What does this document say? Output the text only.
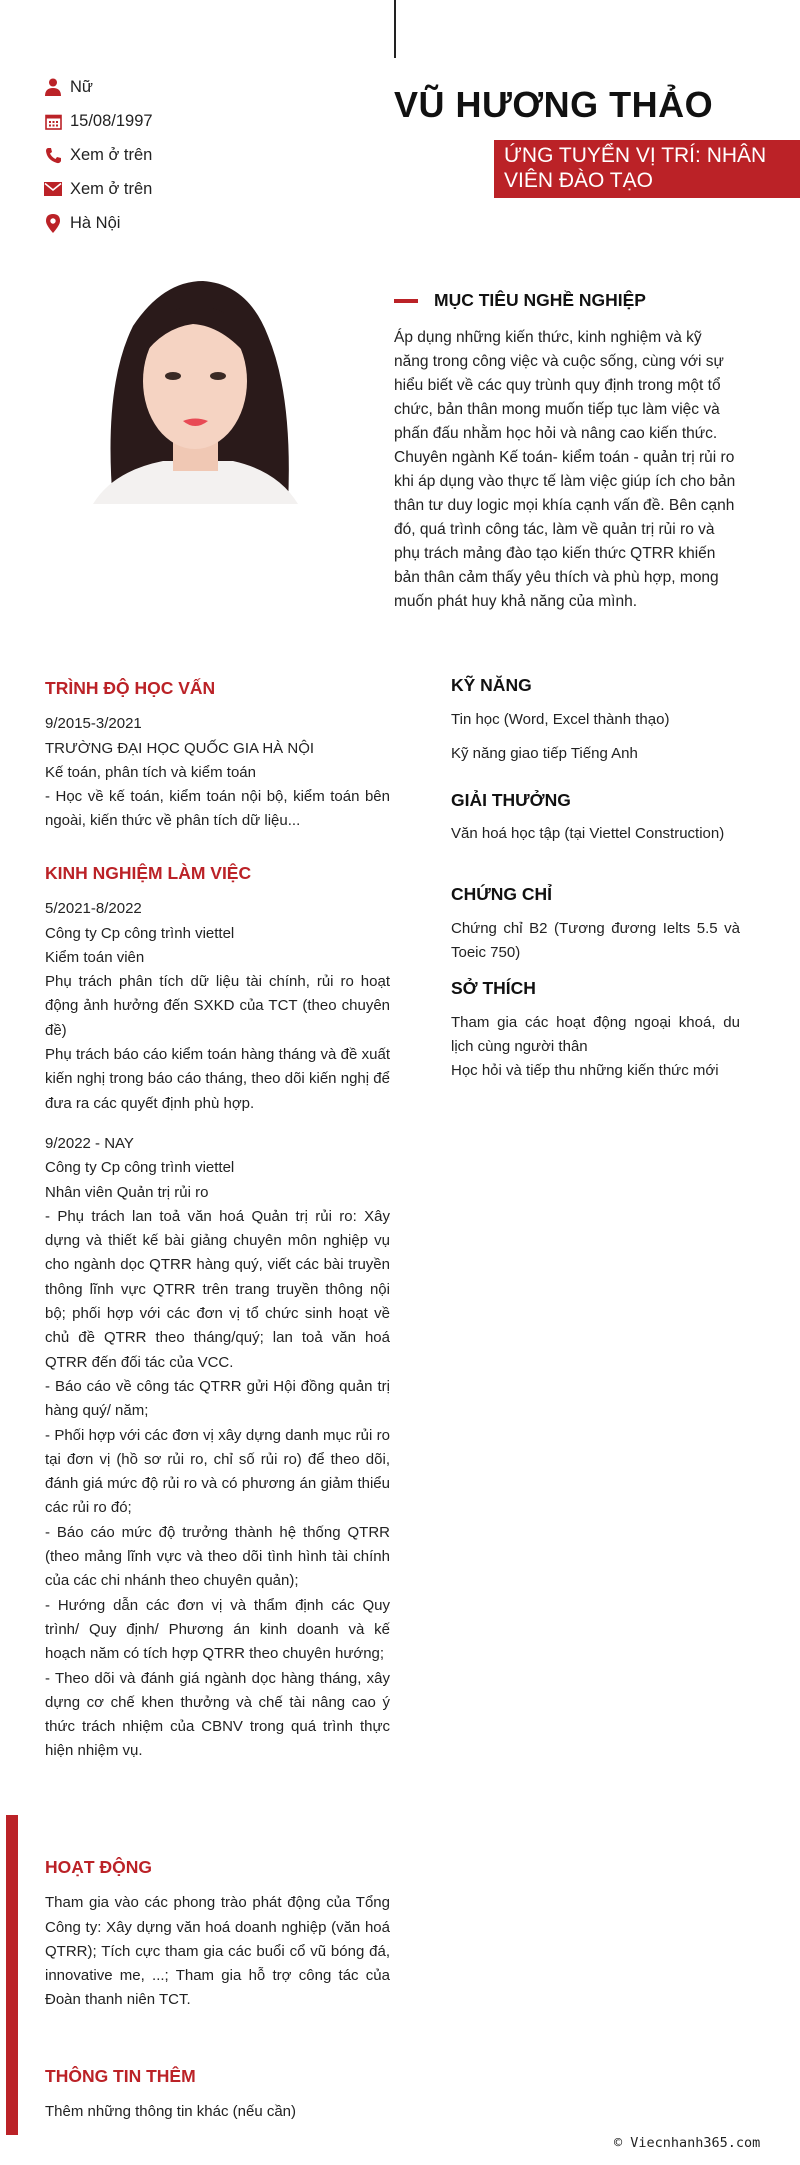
Nữ
15/08/1997
Xem ở trên
Xem ở trên
Hà Nội
VŨ HƯƠNG THẢO
ỨNG TUYỂN VỊ TRÍ: NHÂN VIÊN ĐÀO TẠO
MỤC TIÊU NGHỀ NGHIỆP

Áp dụng những kiến thức, kinh nghiệm và kỹ năng trong công việc và cuộc sống, cùng với sự hiểu biết về các quy trùnh quy định trong một tổ chức, bản thân mong muốn tiếp tục làm việc và phấn đấu nhằm học hỏi và nâng cao kiến thức.

Chuyên ngành Kế toán- kiểm toán - quản trị rủi ro khi áp dụng vào thực tế làm việc giúp ích cho bản thân tư duy logic mọi khía cạnh vấn đề. Bên cạnh đó, quá trình công tác, làm về quản trị rủi ro và phụ trách mảng đào tạo kiến thức QTRR khiến bản thân cảm thấy yêu thích và phù hợp, mong muốn phát huy khả năng của mình.

TRÌNH ĐỘ HỌC VẤN

9/2015-3/2021

TRƯỜNG ĐẠI HỌC QUỐC GIA HÀ NỘI

Kế toán, phân tích và kiểm toán

- Học về kế toán, kiểm toán nội bộ, kiểm toán bên ngoài, kiến thức về phân tích dữ liệu...

KINH NGHIỆM LÀM VIỆC

5/2021-8/2022

Công ty Cp công trình viettel

Kiểm toán viên

Phụ trách phân tích dữ liệu tài chính, rủi ro hoạt động ảnh hưởng đến SXKD của TCT (theo chuyên đề)

Phụ trách báo cáo kiểm toán hàng tháng và đề xuất kiến nghị trong báo cáo tháng, theo dõi kiến nghị để đưa ra các quyết định phù hợp.

9/2022 - NAY

Công ty Cp công trình viettel

Nhân viên Quản trị rủi ro

- Phụ trách lan toả văn hoá Quản trị rủi ro: Xây dựng và thiết kế bài giảng chuyên môn nghiệp vụ cho ngành dọc QTRR hàng quý, viết các bài truyền thông lĩnh vực QTRR trên trang truyền thông nội bộ; phối hợp với các đơn vị tổ chức sinh hoạt về chủ đề QTRR theo tháng/quý; lan toả văn hoá QTRR đến đối tác của VCC.

- Báo cáo về công tác QTRR gửi Hội đồng quản trị hàng quý/ năm;

- Phối hợp với các đơn vị xây dựng danh mục rủi ro tại đơn vị (hồ sơ rủi ro, chỉ số rủi ro) để theo dõi, đánh giá mức độ rủi ro và có phương án giảm thiểu các rủi ro đó;

- Báo cáo mức độ trưởng thành hệ thống QTRR (theo mảng lĩnh vực và theo dõi tình hình tài chính của các chi nhánh theo chuyên quản);

- Hướng dẫn các đơn vị và thẩm định các Quy trình/ Quy định/ Phương án kinh doanh và kế hoạch năm có tích hợp QTRR theo chuyên hướng;

- Theo dõi và đánh giá ngành dọc hàng tháng, xây dựng cơ chế khen thưởng và chế tài nâng cao ý thức trách nhiệm của CBNV trong quá trình thực hiện nhiệm vụ.

HOẠT ĐỘNG

Tham gia vào các phong trào phát động của Tổng Công ty: Xây dựng văn hoá doanh nghiệp (văn hoá QTRR); Tích cực tham gia các buổi cổ vũ bóng đá, innovative me, ...; Tham gia hỗ trợ công tác của Đoàn thanh niên TCT.

THÔNG TIN THÊM

Thêm những thông tin khác (nếu cần)

KỸ NĂNG

Tin học (Word, Excel thành thạo)

Kỹ năng giao tiếp Tiếng Anh

GIẢI THƯỞNG

Văn hoá học tập (tại Viettel Construction)

CHỨNG CHỈ

Chứng chỉ B2 (Tương đương Ielts 5.5 và Toeic 750)

SỞ THÍCH

Tham gia các hoạt động ngoại khoá, du lịch cùng người thân

Học hỏi và tiếp thu những kiến thức mới

© Viecnhanh365.com
